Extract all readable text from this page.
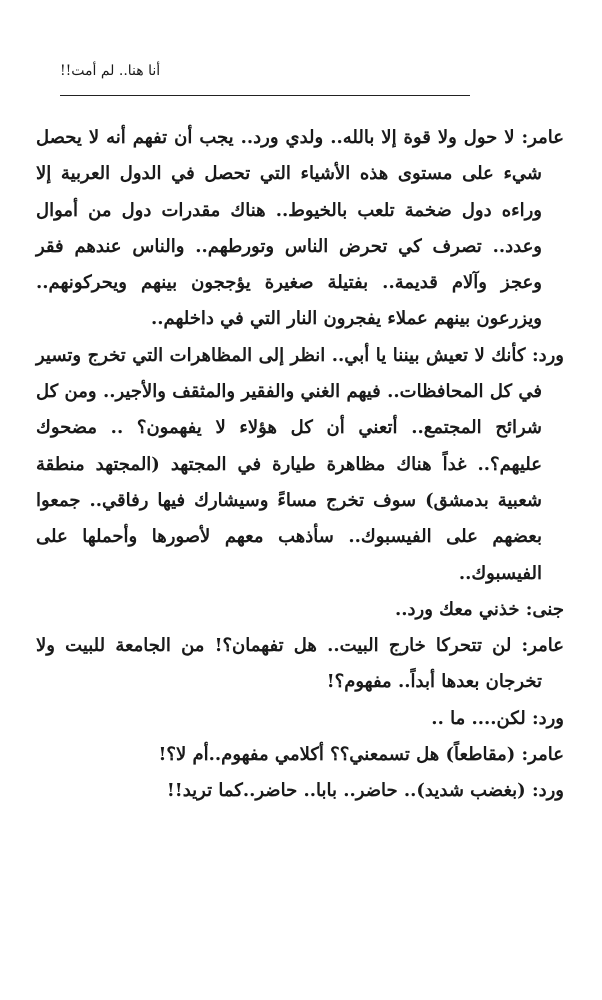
أنا هنا.. لم أمت!!

عامر: لا حول ولا قوة إلا بالله.. ولدي ورد.. يجب أن تفهم أنه لا يحصل شيء على مستوى هذه الأشياء التي تحصل في الدول العربية إلا وراءه دول ضخمة تلعب بالخيوط.. هناك مقدرات دول من أموال وعدد.. تصرف كي تحرض الناس وتورطهم.. والناس عندهم فقر وعجز وآلام قديمة.. بفتيلة صغيرة يؤججون بينهم ويحركونهم.. ويزرعون بينهم عملاء يفجرون النار التي في داخلهم..

ورد: كأنك لا تعيش بيننا يا أبي.. انظر إلى المظاهرات التي تخرج وتسير في كل المحافظات.. فيهم الغني والفقير والمثقف والأجير.. ومن كل شرائح المجتمع.. أتعني أن كل هؤلاء لا يفهمون؟ .. مضحوك عليهم؟.. غداً هناك مظاهرة طيارة في المجتهد (المجتهد منطقة شعبية بدمشق) سوف تخرج مساءً وسيشارك فيها رفاقي.. جمعوا بعضهم على الفيسبوك.. سأذهب معهم لأصورها وأحملها على الفيسبوك..

جنى: خذني معك ورد..

عامر: لن تتحركا خارج البيت.. هل تفهمان؟! من الجامعة للبيت ولا تخرجان بعدها أبداً.. مفهوم؟!

ورد: لكن.... ما ..

عامر: (مقاطعاً) هل تسمعني؟؟ أكلامي مفهوم..أم لا؟!

ورد: (بغضب شديد).. حاضر.. بابا.. حاضر..كما تريد!!
